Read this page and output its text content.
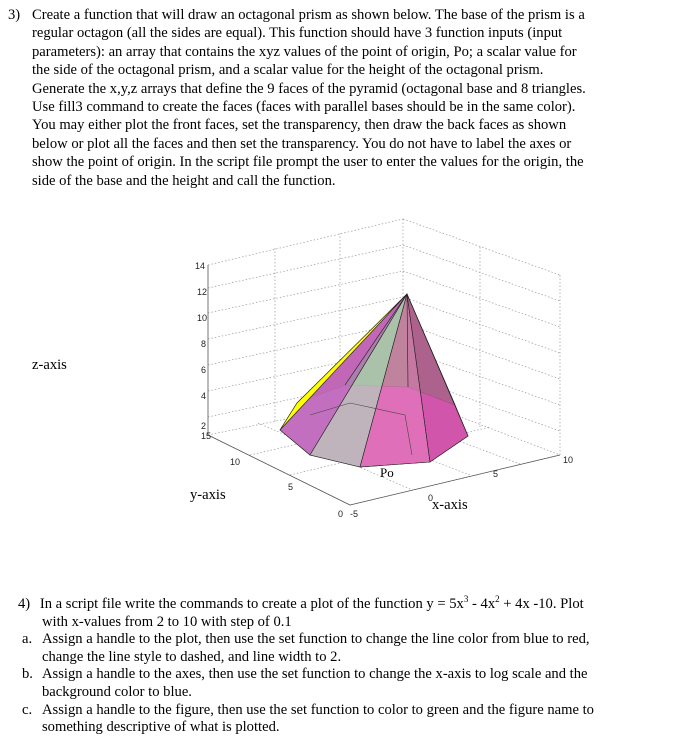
3) Create a function that will draw an octagonal prism as shown below. The base of the prism is a

regular octagon (all the sides are equal). This function should have 3 function inputs (input

parameters): an array that contains the xyz values of the point of origin, Po; a scalar value for

the side of the octagonal prism, and a scalar value for the height of the octagonal prism.

Generate the x,y,z arrays that define the 9 faces of the pyramid (octagonal base and 8 triangles.

Use fill3 command to create the faces (faces with parallel bases should be in the same color).

You may either plot the front faces, set the transparency, then draw the back faces as shown

below or plot all the faces and then set the transparency. You do not have to label the axes or

show the point of origin. In the script file prompt the user to enter the values for the origin, the

side of the base and the height and call the function.

14
12
10
8
6
4
2
15
10
5
0 -5
0
5
10
Po
z-axis
y-axis
x-axis
4) In a script file write the commands to create a plot of the function $y = 5x^3 - 4x^2 + 4x$ -10. Plot
with x-values from 2 to 10 with step of 0.1
a. Assign a handle to the plot, then use the set function to change the line color from blue to red,
change the line style to dashed, and line width to 2.
b. Assign a handle to the axes, then use the set function to change the x-axis to log scale and the
background color to blue.
c. Assign a handle to the figure, then use the set function to color to green and the figure name to
something descriptive of what is plotted.
